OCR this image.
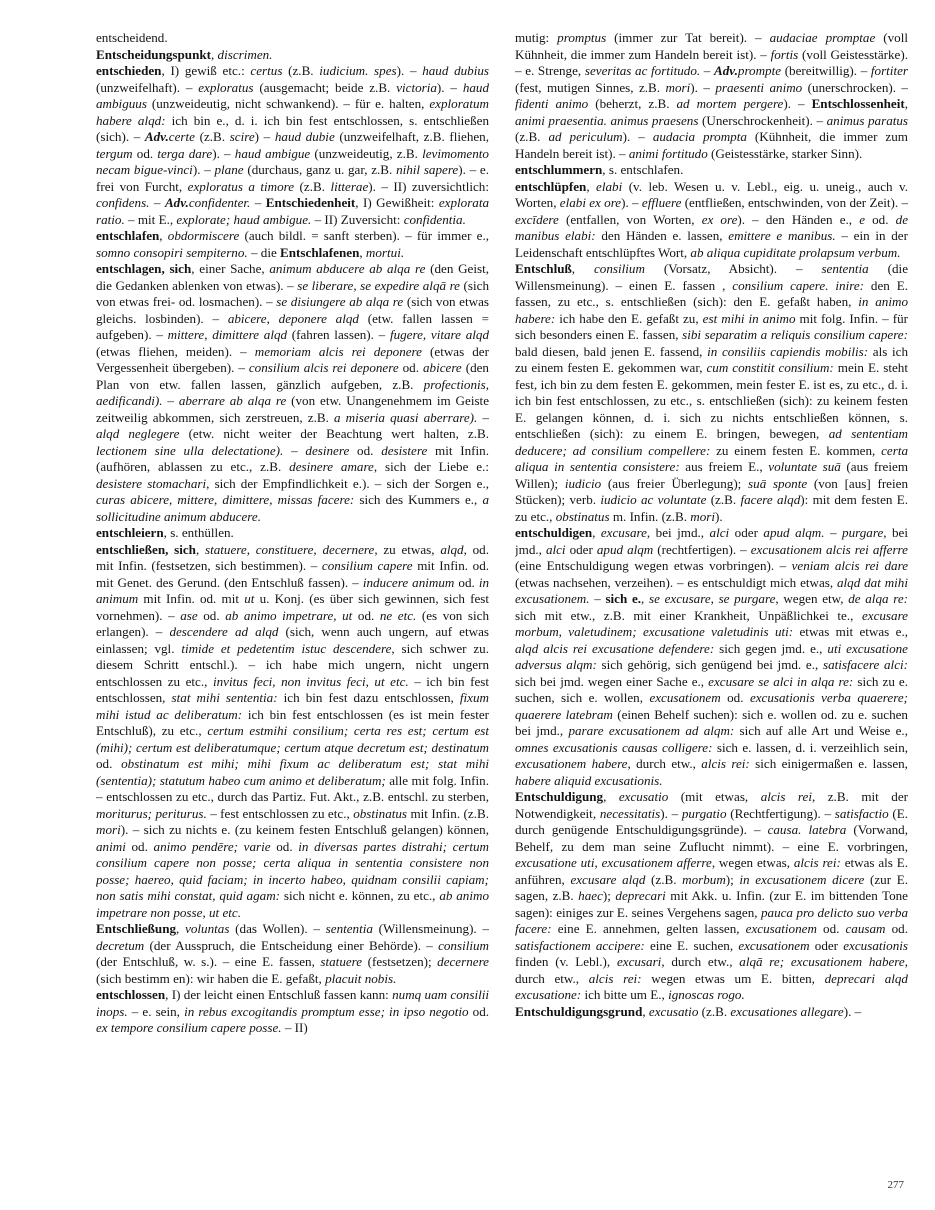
entscheidend.

Entscheidungspunkt, discrimen.

entschieden, I) gewiß etc.: certus (z.B. iudicium. spes). – haud dubius (unzweifelhaft). – exploratus (ausgemacht; beide z.B. victoria). – haud ambiguus (unzweideutig, nicht schwankend). – für e. halten, exploratum habere alqd: ich bin e., d. i. ich bin fest entschlossen, s. entschließen (sich). – Adv.certe (z.B. scire) – haud dubie (unzweifelhaft, z.B. fliehen, tergum od. terga dare). – haud ambigue (unzweideutig, z.B. levimomento necam bigue-vinci). – plane (durchaus, ganz u. gar, z.B. nihil sapere). – e. frei von Furcht, exploratus a timore (z.B. litterae). – II) zuversichtlich: confidens. – Adv.confidenter. – Entschiedenheit, I) Gewißheit: explorata ratio. – mit E., explorate; haud ambigue. – II) Zuversicht: confidentia.

entschlafen, obdormiscere (auch bildl. = sanft sterben). – für immer e., somno consopiri sempiterno. – die Entschlafenen, mortui.

entschlagen, sich, einer Sache, animum abducere ab alqa re (den Geist, die Gedanken ablenken von etwas). – se liberare, se expedire alqā re (sich von etwas frei- od. losmachen). – se disiungere ab alqa re (sich von etwas gleichs. losbinden). – abicere, deponere alqd (etw. fallen lassen = aufgeben). – mittere, dimittere alqd (fahren lassen). – fugere, vitare alqd (etwas fliehen, meiden). – memoriam alcis rei deponere (etwas der Vergessenheit übergeben). – consilium alcis rei deponere od. abicere (den Plan von etw. fallen lassen, gänzlich aufgeben, z.B. profectionis, aedificandi). – aberrare ab alqa re (von etw. Unangenehmem im Geiste zeitweilig abkommen, sich zerstreuen, z.B. a miseria quasi aberrare). – alqd neglegere (etw. nicht weiter der Beachtung wert halten, z.B. lectionem sine ulla delectatione). – desinere od. desistere mit Infin. (aufhören, ablassen zu etc., z.B. desinere amare, sich der Liebe e.: desistere stomachari, sich der Empfindlichkeit e.). – sich der Sorgen e., curas abicere, mittere, dimittere, missas facere: sich des Kummers e., a sollicitudine animum abducere.

entschleiern, s. enthüllen.

entschließen, sich, statuere, constituere, decernere, zu etwas, alqd, od. mit Infin. (festsetzen, sich bestimmen). – consilium capere mit Infin. od. mit Genet. des Gerund. (den Entschluß fassen). – inducere animum od. in animum mit Infin. od. mit ut u. Konj. (es über sich gewinnen, sich fest vornehmen). – ase od. ab animo impetrare, ut od. ne etc. (es von sich erlangen). – descendere ad alqd (sich, wenn auch ungern, auf etwas einlassen; vgl. timide et pedetentim istuc descendere, sich schwer zu. diesem Schritt entschl.). – ich habe mich ungern, nicht ungern entschlossen zu etc., invitus feci, non invitus feci, ut etc. – ich bin fest entschlossen, stat mihi sententia: ich bin fest dazu entschlossen, fixum mihi istud ac deliberatum: ich bin fest entschlossen (es ist mein fester Entschluß), zu etc., certum estmihi consilium; certa res est; certum est (mihi); certum est deliberatumque; certum atque decretum est; destinatum od. obstinatum est mihi; mihi fixum ac deliberatum est; stat mihi (sententia); statutum habeo cum animo et deliberatum; alle mit folg. Infin. – entschlossen zu etc., durch das Partiz. Fut. Akt., z.B. entschl. zu sterben, moriturus; periturus. – fest entschlossen zu etc., obstinatus mit Infin. (z.B. mori). – sich zu nichts e. (zu keinem festen Entschluß gelangen) können, animi od. animo pendēre; varie od. in diversas partes distrahi; certum consilium capere non posse; certa aliqua in sententia consistere non posse; haereo, quid faciam; in incerto habeo, quidnam consilii capiam; non satis mihi constat, quid agam: sich nicht e. können, zu etc., ab animo impetrare non posse, ut etc.

Entschließung, voluntas (das Wollen). – sententia (Willensmeinung). – decretum (der Ausspruch, die Entscheidung einer Behörde). – consilium (der Entschluß, w. s.). – eine E. fassen, statuere (festsetzen); decernere (sich bestimm en): wir haben die E. gefaßt, placuit nobis.

entschlossen, I) der leicht einen Entschluß fassen kann: numq uam consilii inops. – e. sein, in rebus excogitandis promptum esse; in ipso negotio od. ex tempore consilium capere posse. – II)

mutig: promptus (immer zur Tat bereit). – audaciae promptae (voll Kühnheit, die immer zum Handeln bereit ist). – fortis (voll Geistesstärke). – e. Strenge, severitas ac fortitudo. – Adv.prompte (bereitwillig). – fortiter (fest, mutigen Sinnes, z.B. mori). – praesenti animo (unerschrocken). – fidenti animo (beherzt, z.B. ad mortem pergere). – Entschlossenheit, animi praesentia. animus praesens (Unerschrockenheit). – animus paratus (z.B. ad periculum). – audacia prompta (Kühnheit, die immer zum Handeln bereit ist). – animi fortitudo (Geistesstärke, starker Sinn).

entschlummern, s. entschlafen.

entschlüpfen, elabi (v. leb. Wesen u. v. Lebl., eig. u. uneig., auch v. Worten, elabi ex ore). – effluere (entfließen, entschwinden, von der Zeit). – excīdere (entfallen, von Worten, ex ore). – den Händen e., e od. de manibus elabi: den Händen e. lassen, emittere e manibus. – ein in der Leidenschaft entschlüpftes Wort, ab aliqua cupiditate prolapsum verbum.

Entschluß, consilium (Vorsatz, Absicht). – sententia (die Willensmeinung). – einen E. fassen , consilium capere. inire: den E. fassen, zu etc., s. entschließen (sich): den E. gefaßt haben, in animo habere: ich habe den E. gefaßt zu, est mihi in animo mit folg. Infin. – für sich besonders einen E. fassen, sibi separatim a reliquis consilium capere: bald diesen, bald jenen E. fassend, in consiliis capiendis mobilis: als ich zu einem festen E. gekommen war, cum constitit consilium: mein E. steht fest, ich bin zu dem festen E. gekommen, mein fester E. ist es, zu etc., d. i. ich bin fest entschlossen, zu etc., s. entschließen (sich): zu keinem festen E. gelangen können, d. i. sich zu nichts entschließen können, s. entschließen (sich): zu einem E. bringen, bewegen, ad sententiam deducere; ad consilium compellere: zu einem festen E. kommen, certa aliqua in sententia consistere: aus freiem E., voluntate suā (aus freiem Willen); iudicio (aus freier Überlegung); suā sponte (von [aus] freien Stücken); verb. iudicio ac voluntate (z.B. facere alqd): mit dem festen E. zu etc., obstinatus m. Infin. (z.B. mori).

entschuldigen, excusare, bei jmd., alci oder apud alqm. – purgare, bei jmd., alci oder apud alqm (rechtfertigen). – excusationem alcis rei afferre (eine Entschuldigung wegen etwas vorbringen). – veniam alcis rei dare (etwas nachsehen, verzeihen). – es entschuldigt mich etwas, alqd dat mihi excusationem. – sich e., se excusare, se purgare, wegen etw, de alqa re: sich mit etw., z.B. mit einer Krankheit, Unpäßlichkei te., excusare morbum, valetudinem; excusatione valetudinis uti: etwas mit etwas e., alqd alcis rei excusatione defendere: sich gegen jmd. e., uti excusatione adversus alqm: sich gehörig, sich genügend bei jmd. e., satisfacere alci: sich bei jmd. wegen einer Sache e., excusare se alci in alqa re: sich zu e. suchen, sich e. wollen, excusationem od. excusationis verba quaerere; quaerere latebram (einen Behelf suchen): sich e. wollen od. zu e. suchen bei jmd., parare excusationem ad alqm: sich auf alle Art und Weise e., omnes excusationis causas colligere: sich e. lassen, d. i. verzeihlich sein, excusationem habere, durch etw., alcis rei: sich einigermaßen e. lassen, habere aliquid excusationis.

Entschuldigung, excusatio (mit etwas, alcis rei, z.B. mit der Notwendigkeit, necessitatis). – purgatio (Rechtfertigung). – satisfactio (E. durch genügende Entschuldigungsgründe). – causa. latebra (Vorwand, Behelf, zu dem man seine Zuflucht nimmt). – eine E. vorbringen, excusatione uti, excusationem afferre, wegen etwas, alcis rei: etwas als E. anführen, excusare alqd (z.B. morbum); in excusationem dicere (zur E. sagen, z.B. haec); deprecari mit Akk. u. Infin. (zur E. im bittenden Tone sagen): einiges zur E. seines Vergehens sagen, pauca pro delicto suo verba facere: eine E. annehmen, gelten lassen, excusationem od. causam od. satisfactionem accipere: eine E. suchen, excusationem oder excusationis finden (v. Lebl.), excusari, durch etw., alqā re; excusationem habere, durch etw., alcis rei: wegen etwas um E. bitten, deprecari alqd excusatione: ich bitte um E., ignoscas rogo.

Entschuldigungsgrund, excusatio (z.B. excusationes allegare). –

277
